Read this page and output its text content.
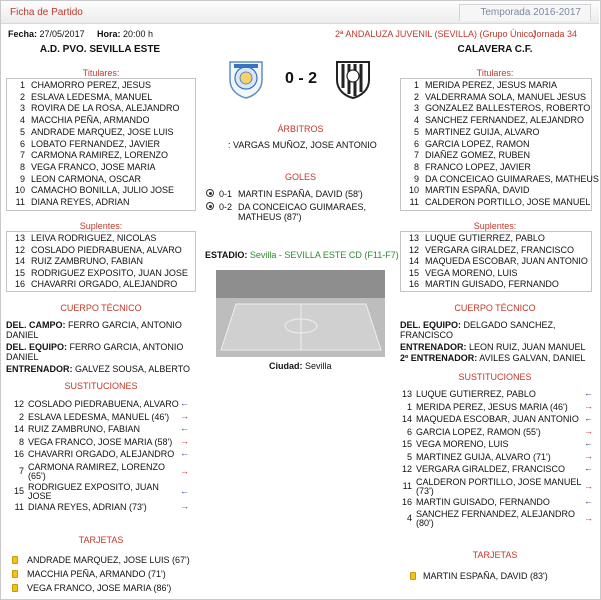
Ficha de Partido	Temporada 2016-2017
Fecha: 27/05/2017 Hora: 20:00 h	2ª ANDALUZA JUVENIL (SEVILLA) (Grupo Único)
Jornada 34
A.D. PVO. SEVILLA ESTE	CALAVERA C.F.
0 - 2
Titulares:
1 CHAMORRO PEREZ, JESUS
2 ESLAVA LEDESMA, MANUEL
3 ROVIRA DE LA ROSA, ALEJANDRO
4 MACCHIA PEÑA, ARMANDO
5 ANDRADE MARQUEZ, JOSE LUIS
6 LOBATO FERNANDEZ, JAVIER
7 CARMONA RAMIREZ, LORENZO
8 VEGA FRANCO, JOSE MARIA
9 LEON CARMONA, OSCAR
10 CAMACHO BONILLA, JULIO JOSE
11 DIANA REYES, ADRIAN
Titulares:
1 MERIDA PEREZ, JESUS MARIA
2 VALDERRAMA SOLA, MANUEL JESUS
3 GONZALEZ BALLESTEROS, ROBERTO
4 SANCHEZ FERNANDEZ, ALEJANDRO
5 MARTINEZ GUIJA, ALVARO
6 GARCIA LOPEZ, RAMON
7 DIAÑEZ GOMEZ, RUBEN
8 FRANCO LOPEZ, JAVIER
9 DA CONCEICAO GUIMARAES, MATHEUS
10 MARTIN ESPAÑA, DAVID
11 CALDERON PORTILLO, JOSE MANUEL
ÁRBITROS
: VARGAS MUÑOZ, JOSE ANTONIO
GOLES
0-1 MARTIN ESPAÑA, DAVID (58')
0-2 DA CONCEICAO GUIMARAES,
MATHEUS (87')
ESTADIO: Sevilla - SEVILLA ESTE CD (F11-F7)
Ciudad: Sevilla
Suplentes:
13 LEIVA RODRIGUEZ, NICOLAS
12 COSLADO PIEDRABUENA, ALVARO
14 RUIZ ZAMBRUNO, FABIAN
15 RODRIGUEZ EXPOSITO, JUAN JOSE
16 CHAVARRI ORGADO, ALEJANDRO
Suplentes:
13 LUQUE GUTIERREZ, PABLO
12 VERGARA GIRALDEZ, FRANCISCO
14 MAQUEDA ESCOBAR, JUAN ANTONIO
15 VEGA MORENO, LUIS
16 MARTIN GUISADO, FERNANDO
CUERPO TÉCNICO
DEL. CAMPO: FERRO GARCIA, ANTONIO
DANIEL
DEL. EQUIPO: FERRO GARCIA, ANTONIO
DANIEL
ENTRENADOR: GALVEZ SOUSA, ALBERTO
CUERPO TÉCNICO
DEL. EQUIPO: DELGADO SANCHEZ,
FRANCISCO
ENTRENADOR: LEON RUIZ, JUAN MANUEL
2º ENTRENADOR: AVILES GALVAN, DANIEL
SUSTITUCIONES
12 COSLADO PIEDRABUENA, ALVARO ←
2 ESLAVA LEDESMA, MANUEL (46') →
14 RUIZ ZAMBRUNO, FABIAN	←
8 VEGA FRANCO, JOSE MARIA (58') →
16 CHAVARRI ORGADO, ALEJANDRO ←
7 CARMONA RAMIREZ, LORENZO
(65')	→
15 RODRIGUEZ EXPOSITO, JUAN
JOSE	←
11 DIANA REYES, ADRIAN (73')	→
SUSTITUCIONES
13 LUQUE GUTIERREZ, PABLO	←
1 MERIDA PEREZ, JESUS MARIA (46') →
14 MAQUEDA ESCOBAR, JUAN ANTONIO ←
6 GARCIA LOPEZ, RAMON (55')	→
15 VEGA MORENO, LUIS	←
5 MARTINEZ GUIJA, ALVARO (71')	→
12 VERGARA GIRALDEZ, FRANCISCO ←
11 CALDERON PORTILLO, JOSE MANUEL
(73')	→
16 MARTIN GUISADO, FERNANDO	←
4 SANCHEZ FERNANDEZ, ALEJANDRO
(80')	→
TARJETAS
ANDRADE MARQUEZ, JOSE LUIS (67')
MACCHIA PEÑA, ARMANDO (71')
VEGA FRANCO, JOSE MARIA (86')
TARJETAS
MARTIN ESPAÑA, DAVID (83')
